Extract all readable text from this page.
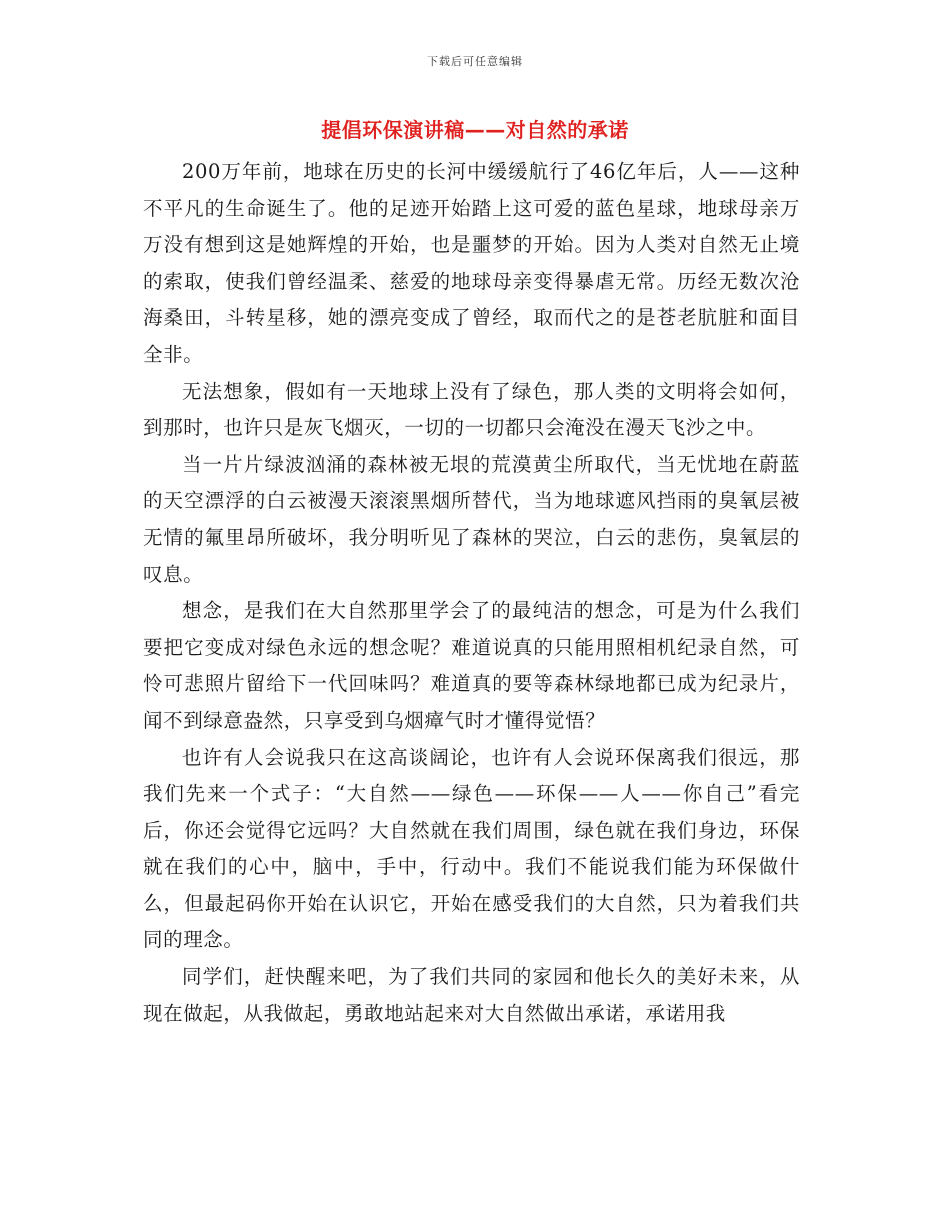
下载后可任意编辑
提倡环保演讲稿——对自然的承诺

200万年前，地球在历史的长河中缓缓航行了46亿年后，人——这种不平凡的生命诞生了。他的足迹开始踏上这可爱的蓝色星球，地球母亲万万没有想到这是她辉煌的开始，也是噩梦的开始。因为人类对自然无止境的索取，使我们曾经温柔、慈爱的地球母亲变得暴虐无常。历经无数次沧海桑田，斗转星移，她的漂亮变成了曾经，取而代之的是苍老肮脏和面目全非。

无法想象，假如有一天地球上没有了绿色，那人类的文明将会如何，到那时，也许只是灰飞烟灭，一切的一切都只会淹没在漫天飞沙之中。

当一片片绿波汹涌的森林被无垠的荒漠黄尘所取代，当无忧地在蔚蓝的天空漂浮的白云被漫天滚滚黑烟所替代，当为地球遮风挡雨的臭氧层被无情的氟里昂所破坏，我分明听见了森林的哭泣，白云的悲伤，臭氧层的叹息。

想念，是我们在大自然那里学会了的最纯洁的想念，可是为什么我们要把它变成对绿色永远的想念呢？难道说真的只能用照相机纪录自然，可怜可悲照片留给下一代回味吗？难道真的要等森林绿地都已成为纪录片，闻不到绿意盎然，只享受到乌烟瘴气时才懂得觉悟？

也许有人会说我只在这高谈阔论，也许有人会说环保离我们很远，那我们先来一个式子：“大自然——绿色——环保——人——你自己”看完后，你还会觉得它远吗？大自然就在我们周围，绿色就在我们身边，环保就在我们的心中，脑中，手中，行动中。我们不能说我们能为环保做什么，但最起码你开始在认识它，开始在感受我们的大自然，只为着我们共同的理念。

同学们，赶快醒来吧，为了我们共同的家园和他长久的美好未来，从现在做起，从我做起，勇敢地站起来对大自然做出承诺，承诺用我
